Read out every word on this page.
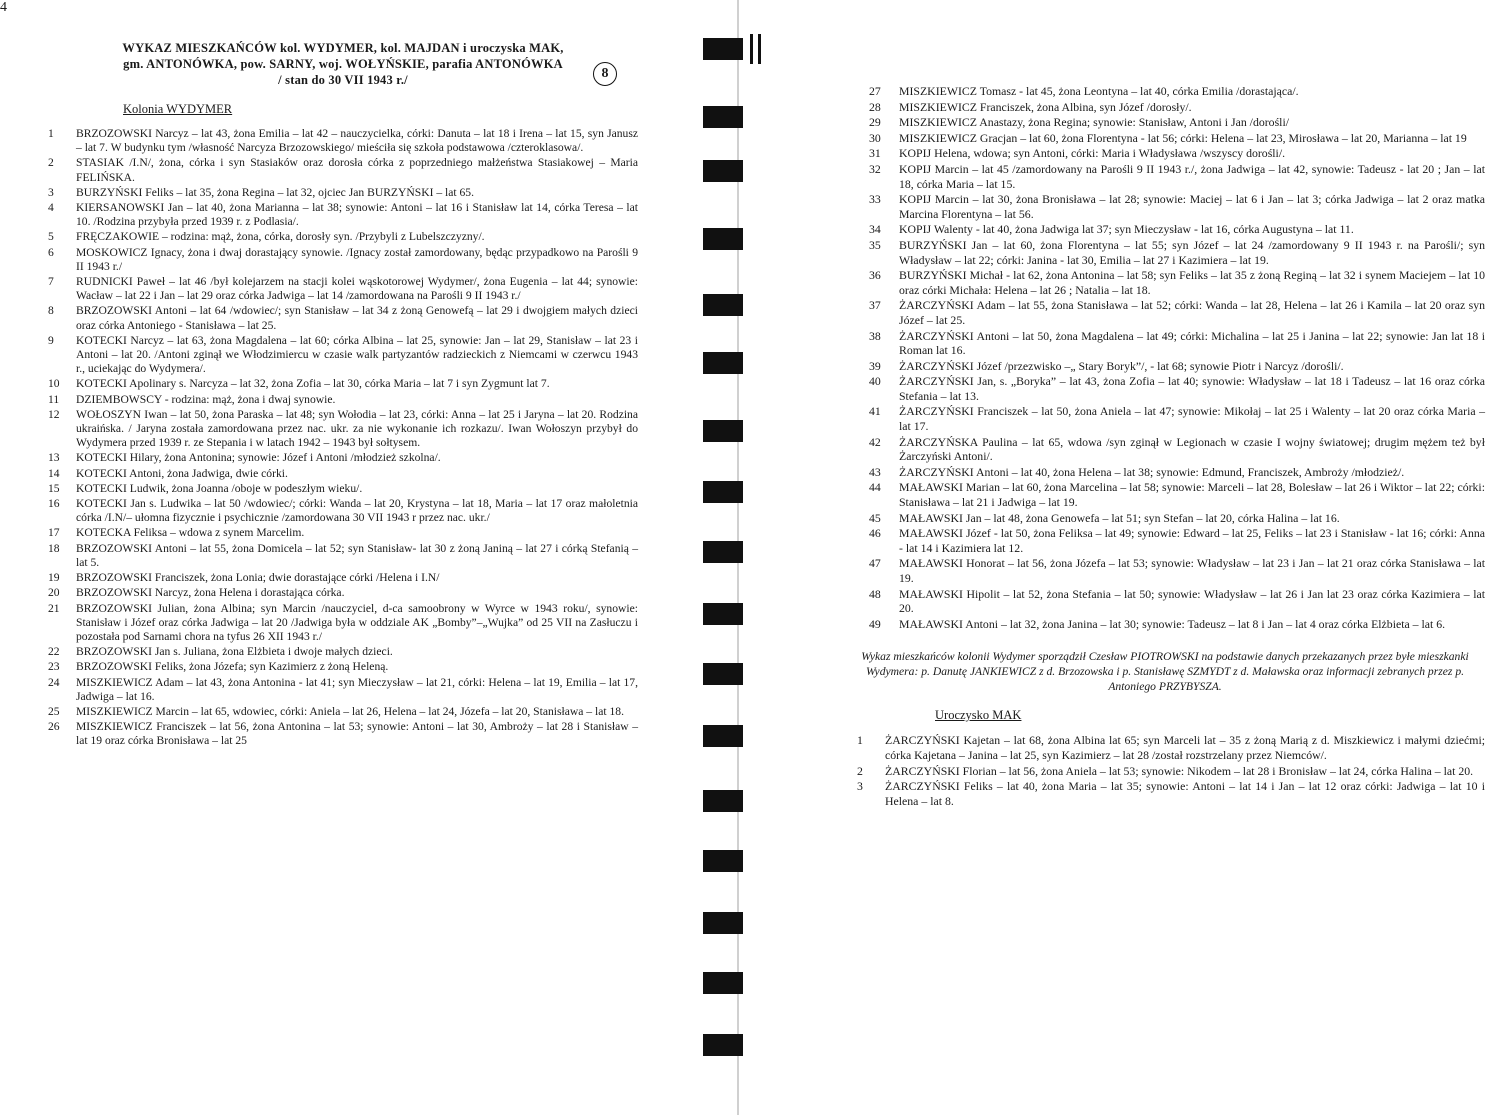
4
8
WYKAZ MIESZKAŃCÓW kol. WYDYMER, kol. MAJDAN i uroczyska MAK,
gm. ANTONÓWKA, pow. SARNY, woj. WOŁYŃSKIE, parafia ANTONÓWKA
/ stan do 30 VII 1943 r./
Kolonia WYDYMER
1	BRZOZOWSKI Narcyz – lat 43, żona Emilia – lat 42 – nauczycielka, córki: Danuta – lat 18 i Irena – lat 15, syn Janusz – lat 7. W budynku tym /własność Narcyza Brzozowskiego/ mieściła się szkoła podstawowa /czteroklasowa/.
2	STASIAK /I.N/, żona, córka i syn Stasiaków oraz dorosła córka z poprzedniego małżeństwa Stasiakowej – Maria FELIŃSKA.
3	BURZYŃSKI Feliks – lat 35, żona Regina – lat 32, ojciec Jan BURZYŃSKI – lat 65.
4	KIERSANOWSKI Jan – lat 40, żona Marianna – lat 38; synowie: Antoni – lat 16 i Stanisław lat 14, córka Teresa – lat 10. /Rodzina przybyła przed 1939 r. z Podlasia/.
5	FRĘCZAKOWIE – rodzina: mąż, żona, córka, dorosły syn. /Przybyli z Lubelszczyzny/.
6	MOSKOWICZ Ignacy, żona i dwaj dorastający synowie. /Ignacy został zamordowany, będąc przypadkowo na Parośli 9 II 1943 r./
7	RUDNICKI Paweł – lat 46 /był kolejarzem na stacji kolei wąskotorowej Wydymer/, żona Eugenia – lat 44; synowie: Wacław – lat 22 i Jan – lat 29 oraz córka Jadwiga – lat 14 /zamordowana na Parośli 9 II 1943 r./
8	BRZOZOWSKI Antoni – lat 64 /wdowiec/; syn Stanisław – lat 34 z żoną Genowefą – lat 29 i dwojgiem małych dzieci oraz córka Antoniego - Stanisława – lat 25.
9	KOTECKI Narcyz – lat 63, żona Magdalena – lat 60; córka Albina – lat 25, synowie: Jan – lat 29, Stanisław – lat 23 i Antoni – lat 20. /Antoni zginął we Włodzimiercu w czasie walk partyzantów radzieckich z Niemcami w czerwcu 1943 r., uciekając do Wydymera/.
10	KOTECKI Apolinary s. Narcyza – lat 32, żona Zofia – lat 30, córka Maria – lat 7 i syn Zygmunt lat 7.
11	DZIEMBOWSCY - rodzina: mąż, żona i dwaj synowie.
12	WOŁOSZYN Iwan – lat 50, żona Paraska – lat 48; syn Wołodia – lat 23, córki: Anna – lat 25 i Jaryna – lat 20. Rodzina ukraińska. / Jaryna została zamordowana przez nac. ukr. za nie wykonanie ich rozkazu/. Iwan Wołoszyn przybył do Wydymera przed 1939 r. ze Stepania i w latach 1942 – 1943 był sołtysem.
13	KOTECKI Hilary, żona Antonina; synowie: Józef i Antoni /młodzież szkolna/.
14	KOTECKI Antoni, żona Jadwiga, dwie córki.
15	KOTECKI Ludwik, żona Joanna /oboje w podeszłym wieku/.
16	KOTECKI Jan s. Ludwika – lat 50 /wdowiec/; córki: Wanda – lat 20, Krystyna – lat 18, Maria – lat 17 oraz małoletnia córka /I.N/– ułomna fizycznie i psychicznie /zamordowana 30 VII 1943 r przez nac. ukr./
17	KOTECKA Feliksa – wdowa z synem Marcelim.
18	BRZOZOWSKI Antoni – lat 55, żona Domicela – lat 52; syn Stanisław- lat 30 z żoną Janiną – lat 27 i córką Stefanią – lat 5.
19	BRZOZOWSKI Franciszek, żona Lonia; dwie dorastające córki /Helena i I.N/
20	BRZOZOWSKI Narcyz, żona Helena i dorastająca córka.
21	BRZOZOWSKI Julian, żona Albina; syn Marcin /nauczyciel, d-ca samoobrony w Wyrce w 1943 roku/, synowie: Stanisław i Józef oraz córka Jadwiga – lat 20 /Jadwiga była w oddziale AK „Bomby”–„Wujka” od 25 VII na Zasłuczu i pozostała pod Sarnami chora na tyfus 26 XII 1943 r./
22	BRZOZOWSKI Jan s. Juliana, żona Elżbieta i dwoje małych dzieci.
23	BRZOZOWSKI Feliks, żona Józefa; syn Kazimierz z żoną Heleną.
24	MISZKIEWICZ Adam – lat 43, żona Antonina - lat 41; syn Mieczysław – lat 21, córki: Helena – lat 19, Emilia – lat 17, Jadwiga – lat 16.
25	MISZKIEWICZ Marcin – lat 65, wdowiec, córki: Aniela – lat 26, Helena – lat 24, Józefa – lat 20, Stanisława – lat 18.
26	MISZKIEWICZ Franciszek – lat 56, żona Antonina – lat 53; synowie: Antoni – lat 30, Ambroży – lat 28 i Stanisław – lat 19 oraz córka Bronisława – lat 25
27	MISZKIEWICZ Tomasz - lat 45, żona Leontyna – lat 40, córka Emilia /dorastająca/.
28	MISZKIEWICZ Franciszek, żona Albina, syn Józef /dorosły/.
29	MISZKIEWICZ Anastazy, żona Regina; synowie: Stanisław, Antoni i Jan /dorośli/
30	MISZKIEWICZ Gracjan – lat 60, żona Florentyna - lat 56; córki: Helena – lat 23, Mirosława – lat 20, Marianna – lat 19
31	KOPIJ Helena, wdowa; syn Antoni, córki: Maria i Władysława /wszyscy dorośli/.
32	KOPIJ Marcin – lat 45 /zamordowany na Parośli 9 II 1943 r./, żona Jadwiga – lat 42, synowie: Tadeusz - lat 20 ; Jan – lat 18, córka Maria – lat 15.
33	KOPIJ Marcin – lat 30, żona Bronisława – lat 28; synowie: Maciej – lat 6 i Jan – lat 3; córka Jadwiga – lat 2 oraz matka Marcina Florentyna – lat 56.
34	KOPIJ Walenty - lat 40, żona Jadwiga lat 37; syn Mieczysław - lat 16, córka Augustyna – lat 11.
35	BURZYŃSKI Jan – lat 60, żona Florentyna – lat 55; syn Józef – lat 24 /zamordowany 9 II 1943 r. na Parośli/; syn Władysław – lat 22; córki: Janina - lat 30, Emilia – lat 27 i Kazimiera – lat 19.
36	BURZYŃSKI Michał - lat 62, żona Antonina – lat 58; syn Feliks – lat 35 z żoną Reginą – lat 32 i synem Maciejem – lat 10 oraz córki Michała: Helena – lat 26 ; Natalia – lat 18.
37	ŻARCZYŃSKI Adam – lat 55, żona Stanisława – lat 52; córki: Wanda – lat 28, Helena – lat 26 i Kamila – lat 20 oraz syn Józef – lat 25.
38	ŻARCZYŃSKI Antoni – lat 50, żona Magdalena – lat 49; córki: Michalina – lat 25 i Janina – lat 22; synowie: Jan lat 18 i Roman lat 16.
39	ŻARCZYŃSKI Józef /przezwisko –„ Stary Boryk”/, - lat 68; synowie Piotr i Narcyz /dorośli/.
40	ŻARCZYŃSKI Jan, s. „Boryka” – lat 43, żona Zofia – lat 40; synowie: Władysław – lat 18 i Tadeusz – lat 16 oraz córka Stefania – lat 13.
41	ŻARCZYŃSKI Franciszek – lat 50, żona Aniela – lat 47; synowie: Mikołaj – lat 25 i Walenty – lat 20 oraz córka Maria – lat 17.
42	ŻARCZYŃSKA Paulina – lat 65, wdowa /syn zginął w Legionach w czasie I wojny światowej; drugim mężem też był Żarczyński Antoni/.
43	ŻARCZYŃSKI Antoni – lat 40, żona Helena – lat 38; synowie: Edmund, Franciszek, Ambroży /młodzież/.
44	MAŁAWSKI Marian – lat 60, żona Marcelina – lat 58; synowie: Marceli – lat 28, Bolesław – lat 26 i Wiktor – lat 22; córki: Stanisława – lat 21 i Jadwiga – lat 19.
45	MAŁAWSKI Jan – lat 48, żona Genowefa – lat 51; syn Stefan – lat 20, córka Halina – lat 16.
46	MAŁAWSKI Józef - lat 50, żona Feliksa – lat 49; synowie: Edward – lat 25, Feliks – lat 23 i Stanisław - lat 16; córki: Anna - lat 14 i Kazimiera lat 12.
47	MAŁAWSKI Honorat – lat 56, żona Józefa – lat 53; synowie: Władysław – lat 23 i Jan – lat 21 oraz córka Stanisława – lat 19.
48	MAŁAWSKI Hipolit – lat 52, żona Stefania – lat 50; synowie: Władysław – lat 26 i Jan lat 23 oraz córka Kazimiera – lat 20.
49	MAŁAWSKI Antoni – lat 32, żona Janina – lat 30; synowie: Tadeusz – lat 8 i Jan – lat 4 oraz córka Elżbieta – lat 6.
Wykaz mieszkańców kolonii Wydymer sporządził Czesław PIOTROWSKI na podstawie danych przekazanych przez byłe mieszkanki Wydymera: p. Danutę JANKIEWICZ z d. Brzozowska i p. Stanisławę SZMYDT z d. Maławska oraz informacji zebranych przez p. Antoniego PRZYBYSZA.
Uroczysko MAK
1	ŻARCZYŃSKI Kajetan – lat 68, żona Albina lat 65; syn Marceli lat – 35 z żoną Marią z d. Miszkiewicz i małymi dziećmi; córka Kajetana – Janina – lat 25, syn Kazimierz – lat 28 /został rozstrzelany przez Niemców/.
2	ŻARCZYŃSKI Florian – lat 56, żona Aniela – lat 53; synowie: Nikodem – lat 28 i Bronisław – lat 24, córka Halina – lat 20.
3	ŻARCZYŃSKI Feliks – lat 40, żona Maria – lat 35; synowie: Antoni – lat 14 i Jan – lat 12 oraz córki: Jadwiga – lat 10 i Helena – lat 8.
